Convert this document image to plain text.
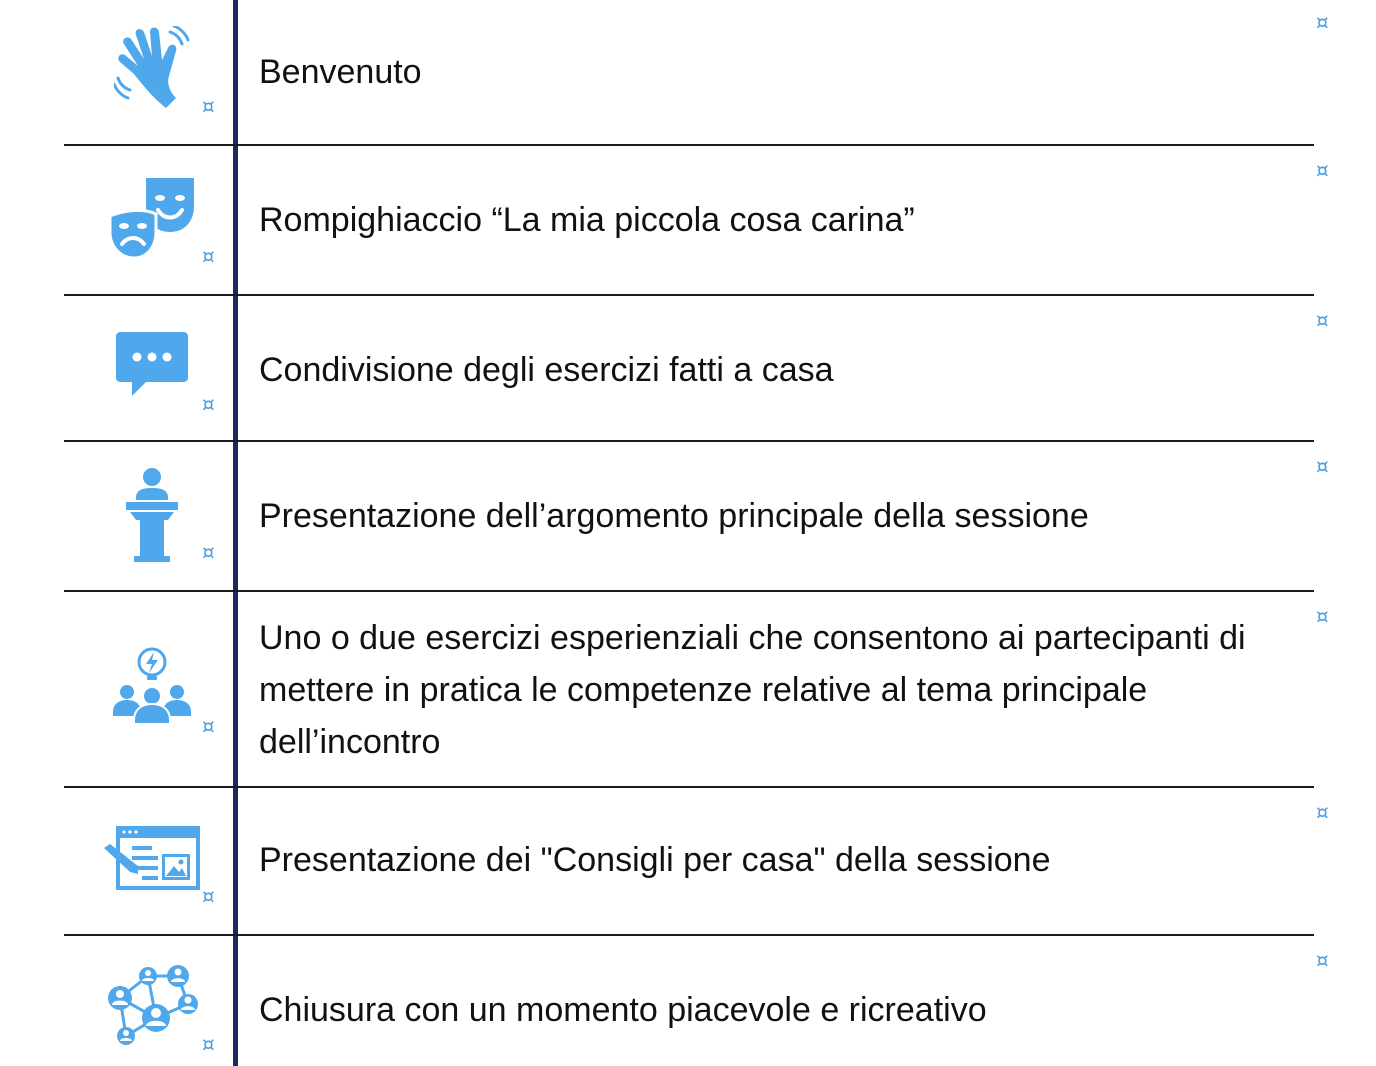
¤
Benvenuto
¤
¤
Rompighiaccio “La mia piccola cosa carina”
¤
¤
Condivisione degli esercizi fatti a casa
¤
¤
Presentazione dell’argomento principale della sessione
¤
¤
Uno o due esercizi esperienziali che consentono ai partecipanti di mettere in pratica le competenze relative al tema principale dell’incontro
¤
¤
Presentazione dei "Consigli per casa" della sessione
¤
¤
Chiusura con un momento piacevole e ricreativo
¤
